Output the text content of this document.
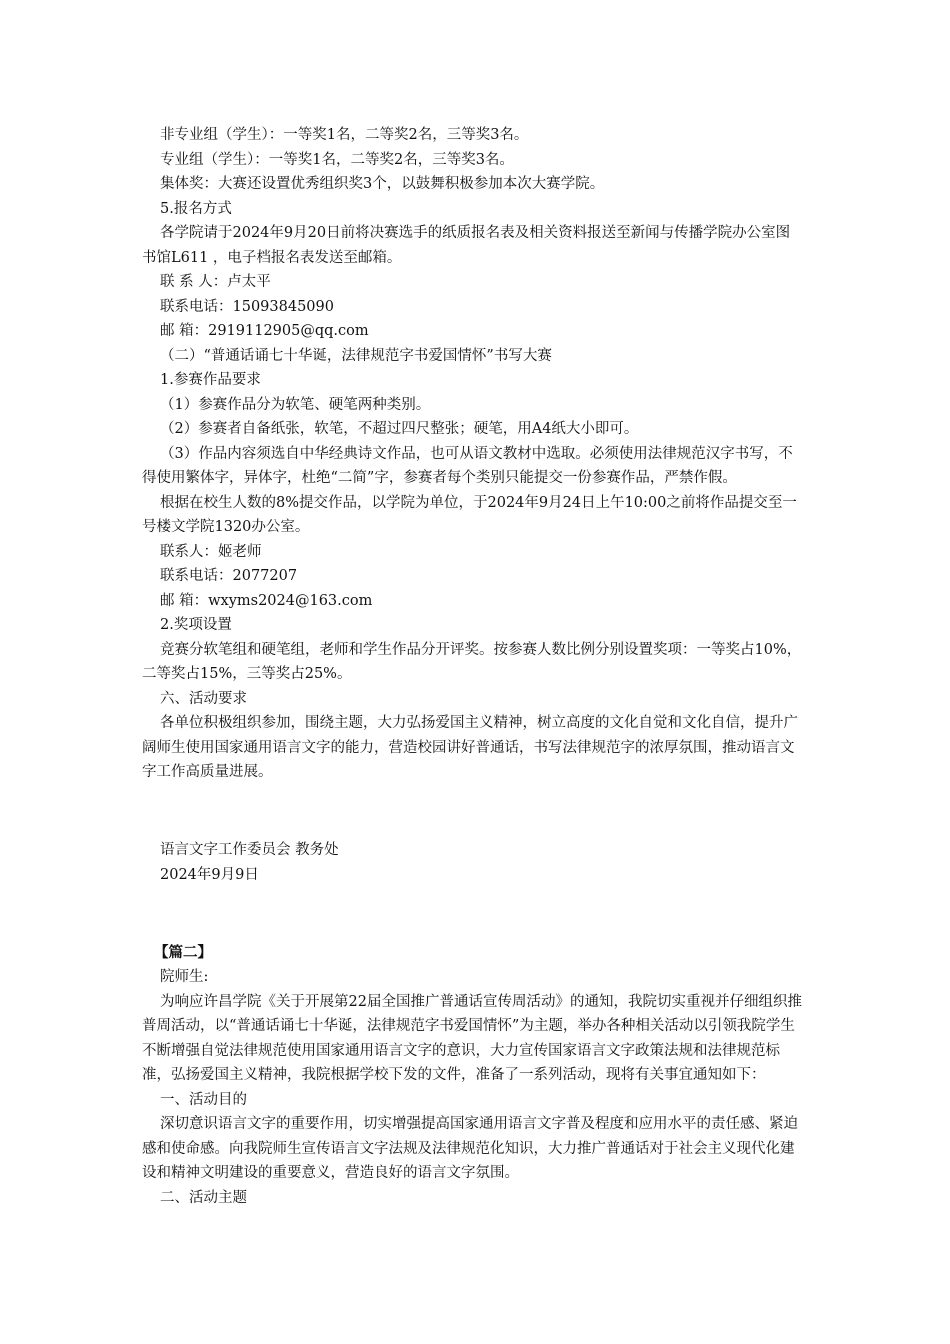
非专业组（学生）：一等奖1名，二等奖2名，三等奖3名。

专业组（学生）：一等奖1名，二等奖2名，三等奖3名。

集体奖：大赛还设置优秀组织奖3个，以鼓舞积极参加本次大赛学院。

5.报名方式

各学院请于2024年9月20日前将决赛选手的纸质报名表及相关资料报送至新闻与传播学院办公室图书馆L611 ，电子档报名表发送至邮箱。

联 系 人：卢太平

联系电话：15093845090

邮 箱：2919112905@qq.com

（二）“普通话诵七十华诞，法律规范字书爱国情怀”书写大赛

1.参赛作品要求

（1）参赛作品分为软笔、硬笔两种类别。

（2）参赛者自备纸张，软笔，不超过四尺整张；硬笔，用A4纸大小即可。

（3）作品内容须选自中华经典诗文作品，也可从语文教材中选取。必须使用法律规范汉字书写，不得使用繁体字，异体字，杜绝“二简”字，参赛者每个类别只能提交一份参赛作品，严禁作假。

根据在校生人数的8%提交作品，以学院为单位，于2024年9月24日上午10:00之前将作品提交至一号楼文学院1320办公室。

联系人：姬老师

联系电话：2077207

邮 箱：wxyms2024@163.com

2.奖项设置

竞赛分软笔组和硬笔组，老师和学生作品分开评奖。按参赛人数比例分别设置奖项：一等奖占10%，二等奖占15%，三等奖占25%。

六、活动要求

各单位积极组织参加，围绕主题，大力弘扬爱国主义精神，树立高度的文化自觉和文化自信，提升广阔师生使用国家通用语言文字的能力，营造校园讲好普通话，书写法律规范字的浓厚氛围，推动语言文字工作高质量进展。

语言文字工作委员会 教务处

2024年9月9日

【篇二】

院师生:

为响应许昌学院《关于开展第22届全国推广普通话宣传周活动》的通知，我院切实重视并仔细组织推普周活动，以“普通话诵七十华诞，法律规范字书爱国情怀”为主题，举办各种相关活动以引领我院学生不断增强自觉法律规范使用国家通用语言文字的意识，大力宣传国家语言文字政策法规和法律规范标准，弘扬爱国主义精神，我院根据学校下发的文件，准备了一系列活动，现将有关事宜通知如下：

一、活动目的

深切意识语言文字的重要作用，切实增强提高国家通用语言文字普及程度和应用水平的责任感、紧迫感和使命感。向我院师生宣传语言文字法规及法律规范化知识，大力推广普通话对于社会主义现代化建设和精神文明建设的重要意义，营造良好的语言文字氛围。

二、活动主题
